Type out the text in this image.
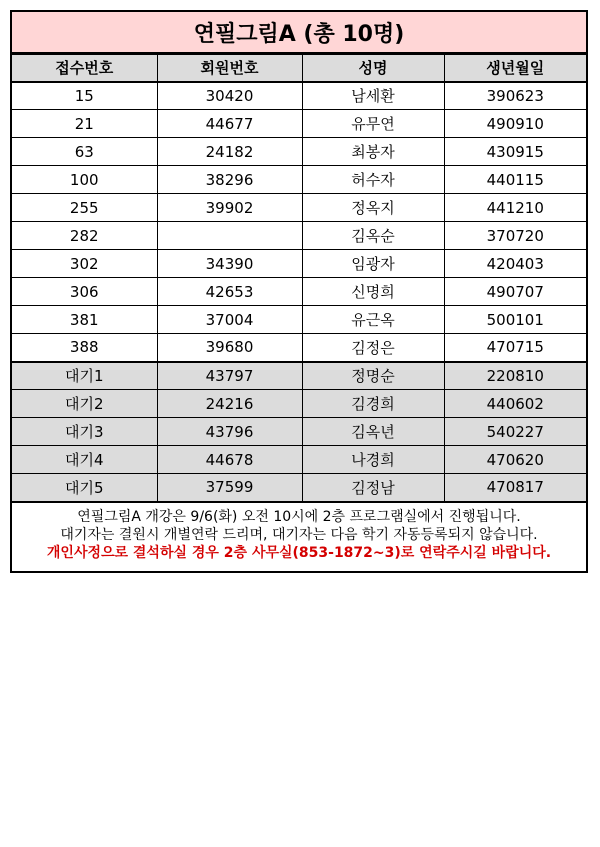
연필그림A (총 10명)
접수번호	회원번호	성명	생년월일
15	30420	남세환	390623
21	44677	유무연	490910
63	24182	최봉자	430915
100	38296	허수자	440115
255	39902	정옥지	441210
282		김옥순	370720
302	34390	임광자	420403
306	42653	신명희	490707
381	37004	유근옥	500101
388	39680	김정은	470715
대기1	43797	정명순	220810
대기2	24216	김경희	440602
대기3	43796	김옥년	540227
대기4	44678	나경희	470620
대기5	37599	김정남	470817
연필그림A 개강은 9/6(화) 오전 10시에 2층 프로그램실에서 진행됩니다.
대기자는 결원시 개별연락 드리며, 대기자는 다음 학기 자동등록되지 않습니다.
개인사정으로 결석하실 경우 2층 사무실(853-1872~3)로 연락주시길 바랍니다.
